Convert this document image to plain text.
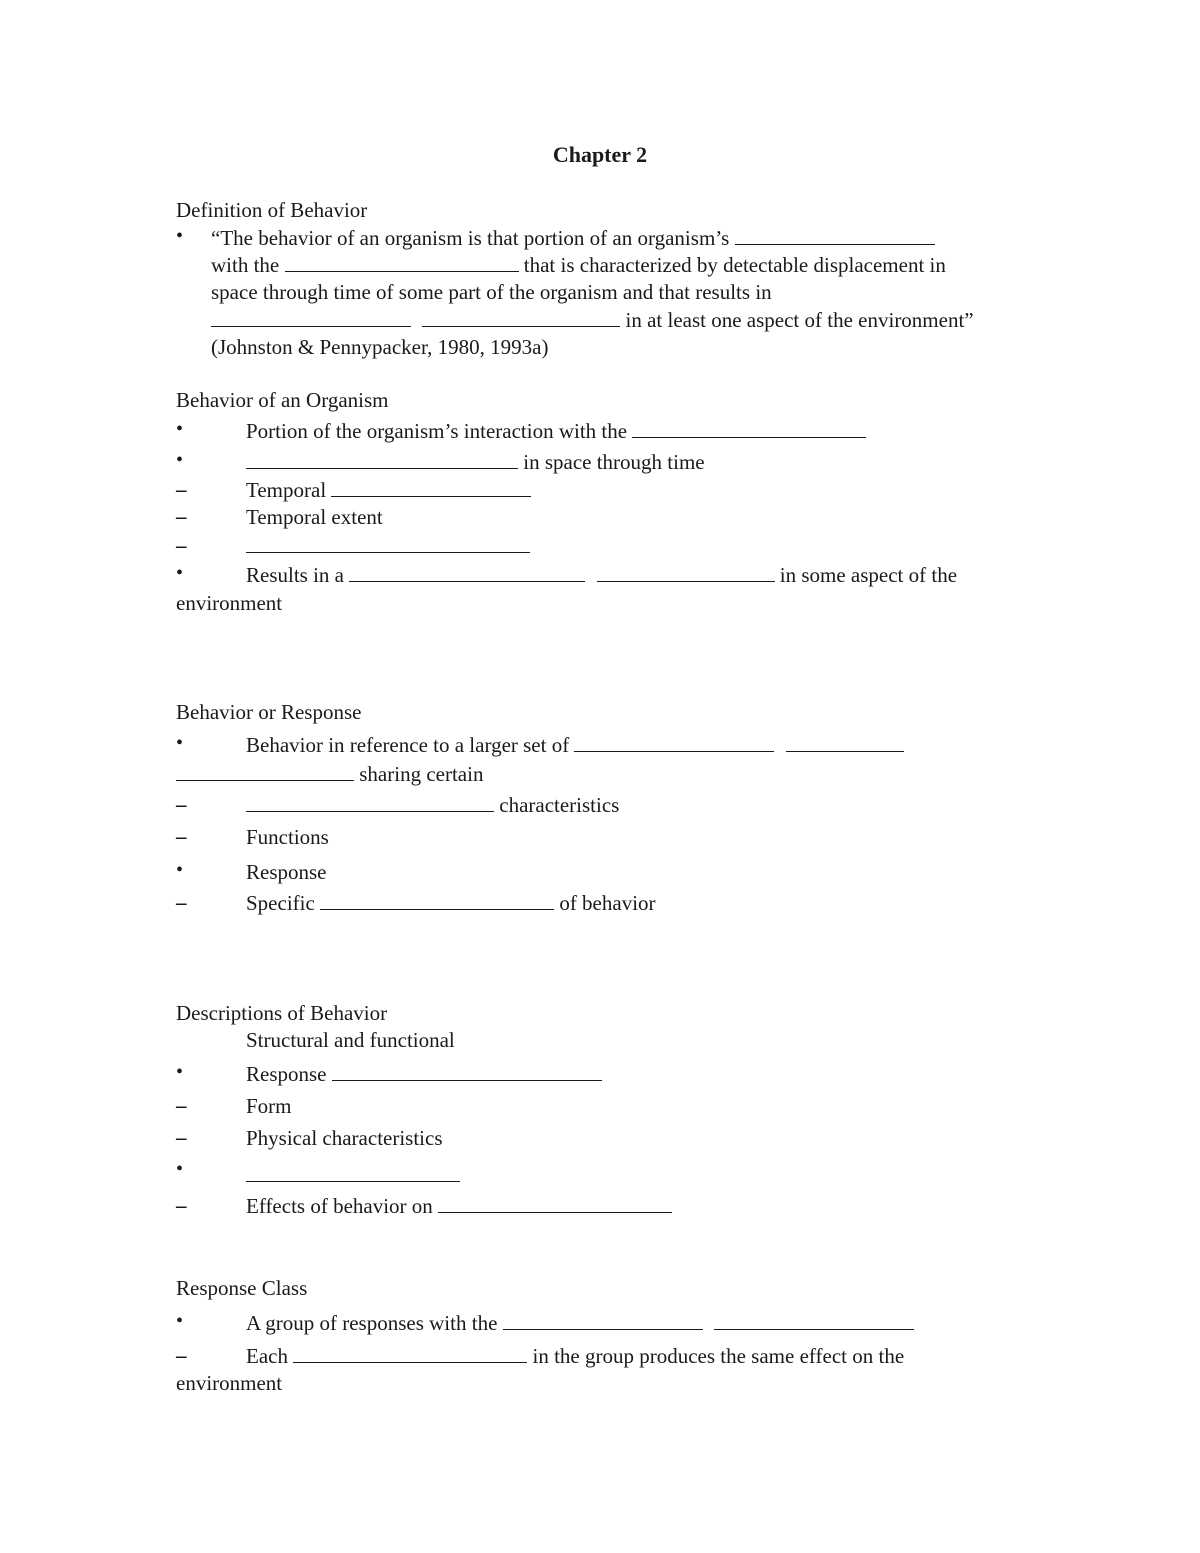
Chapter 2
Definition of Behavior
• “The behavior of an organism is that portion of an organism’s
with the	that is characterized by detectable displacement in
space through time of some part of the organism and that results in
in at least one aspect of the environment”
(Johnston & Pennypacker, 1980, 1993a)
Behavior of an Organism
•	Portion of the organism’s interaction with the
•	in space through time
–	Temporal
–	Temporal extent
–
•	Results in a	in some aspect of the
environment
Behavior or Response
•	Behavior in reference to a larger set of
sharing certain
–	characteristics
–	Functions
•	Response
–	Specific	of behavior
Descriptions of Behavior
Structural and functional
•	Response
–	Form
–	Physical characteristics
•
–	Effects of behavior on
Response Class
•	A group of responses with the
–	Each	in the group produces the same effect on the
environment
